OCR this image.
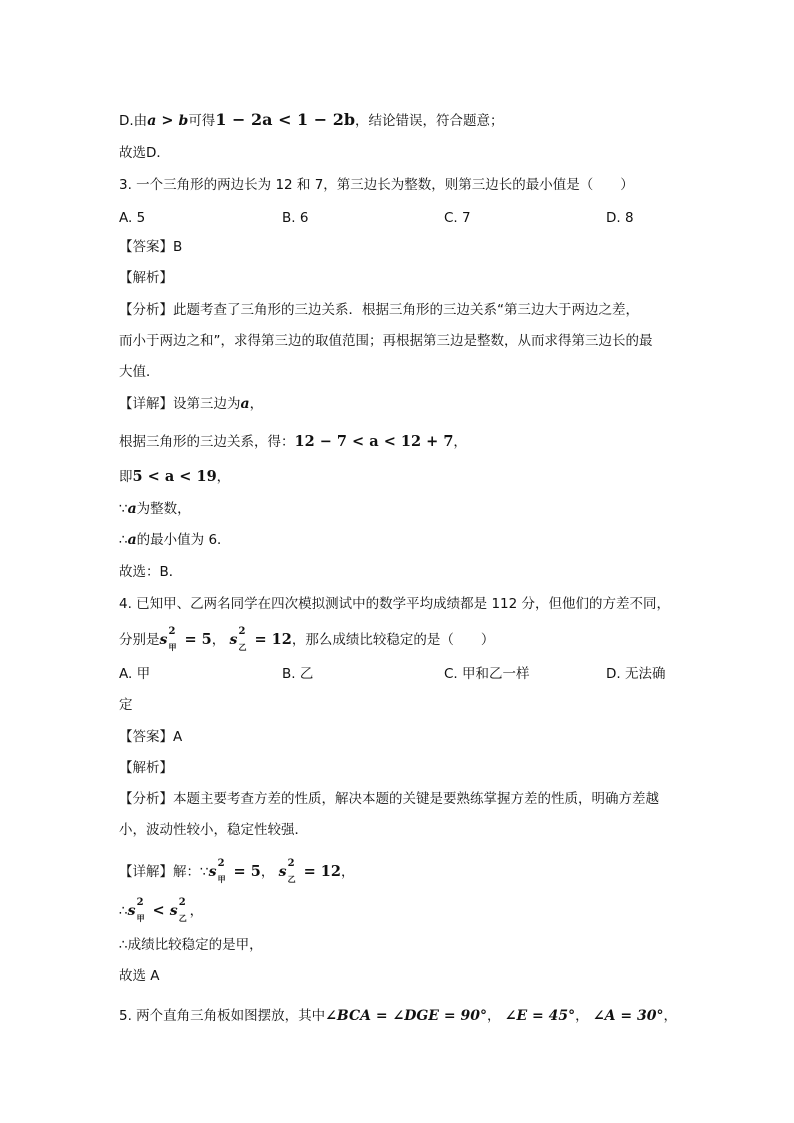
D.由a > b可得1 − 2a < 1 − 2b，结论错误，符合题意；
故选D．
3. 一个三角形的两边长为 12 和 7，第三边长为整数，则第三边长的最小值是（　　）
A. 5	B. 6	C. 7	D. 8
【答案】B
【解析】
【分析】此题考查了三角形的三边关系．根据三角形的三边关系“第三边大于两边之差，
而小于两边之和”，求得第三边的取值范围；再根据第三边是整数，从而求得第三边长的最
大值．
【详解】设第三边为a，
根据三角形的三边关系，得：12 − 7 < a < 12 + 7，
即5 < a < 19，
∵a为整数，
∴a的最小值为 6．
故选：B．
4. 已知甲、乙两名同学在四次模拟测试中的数学平均成绩都是 112 分，但他们的方差不同，
分别是s
2
甲 = 5， s
2
乙 = 12，那么成绩比较稳定的是（　　）
A. 甲	B. 乙	C. 甲和乙一样	D. 无法确
定
【答案】A
【解析】
【分析】本题主要考查方差的性质，解决本题的关键是要熟练掌握方差的性质，明确方差越
小，波动性较小，稳定性较强．
【详解】解：∵s
2
甲 = 5， s
2
乙 = 12，
∴s
2
甲 < s
2
乙 ，
∴成绩比较稳定的是甲，
故选 A
5. 两个直角三角板如图摆放，其中∠BCA = ∠DGE = 90°， ∠E = 45°， ∠A = 30°，
